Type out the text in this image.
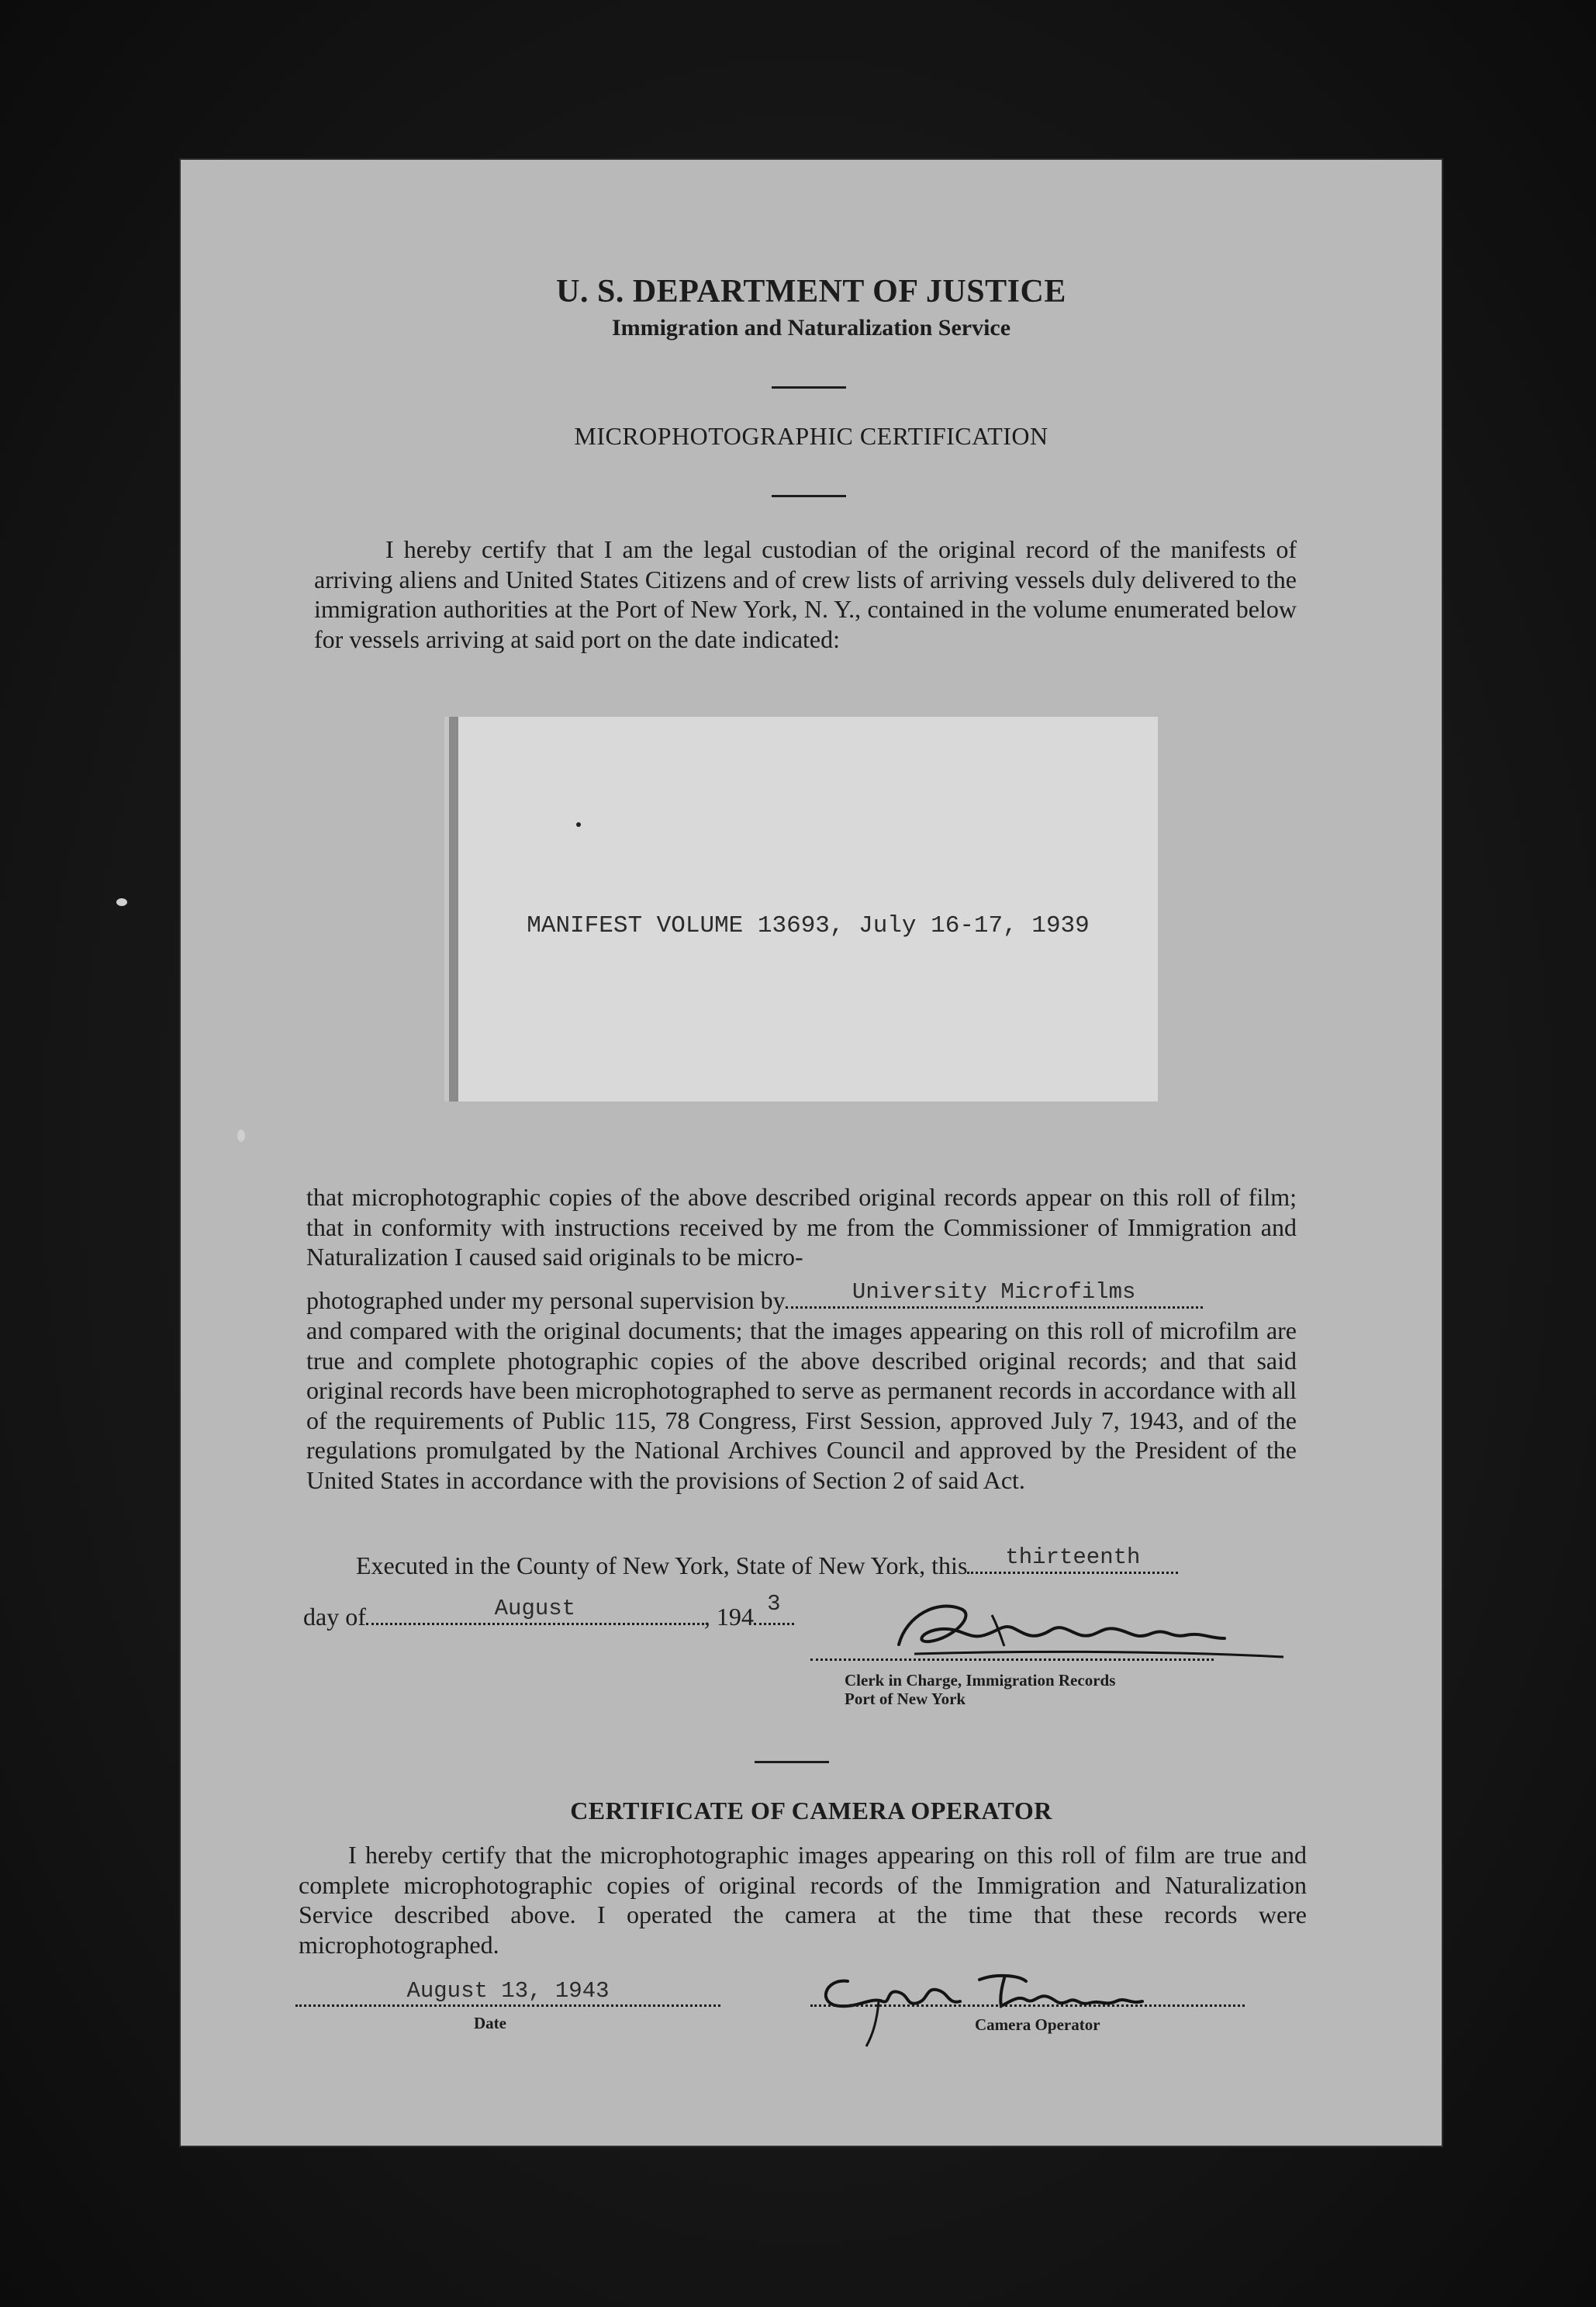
U. S. DEPARTMENT OF JUSTICE
Immigration and Naturalization Service
MICROPHOTOGRAPHIC CERTIFICATION
I hereby certify that I am the legal custodian of the original record of the manifests of arriving aliens and United States Citizens and of crew lists of arriving vessels duly delivered to the immigration authorities at the Port of New York, N. Y., contained in the volume enumerated below for vessels arriving at said port on the date indicated:
MANIFEST VOLUME 13693, July 16-17, 1939
that microphotographic copies of the above described original records appear on this roll of film; that in conformity with instructions received by me from the Commissioner of Immigration and Naturalization I caused said originals to be micro-
photographed under my personal supervision by	University Microfilms
and compared with the original documents; that the images appearing on this roll of microfilm are true and complete photographic copies of the above described original records; and that said original records have been microphotographed to serve as permanent records in accordance with all of the requirements of Public 115, 78 Congress, First Session, approved July 7, 1943, and of the regulations promulgated by the National Archives Council and approved by the President of the United States in accordance with the provisions of Section 2 of said Act.
Executed in the County of New York, State of New York, this	thirteenth
day of	August	, 194 3
Clerk in Charge, Immigration Records
Port of New York
CERTIFICATE OF CAMERA OPERATOR
I hereby certify that the microphotographic images appearing on this roll of film are true and complete microphotographic copies of original records of the Immigration and Naturalization Service described above. I operated the camera at the time that these records were microphotographed.
August 13, 1943
Date	Camera Operator
